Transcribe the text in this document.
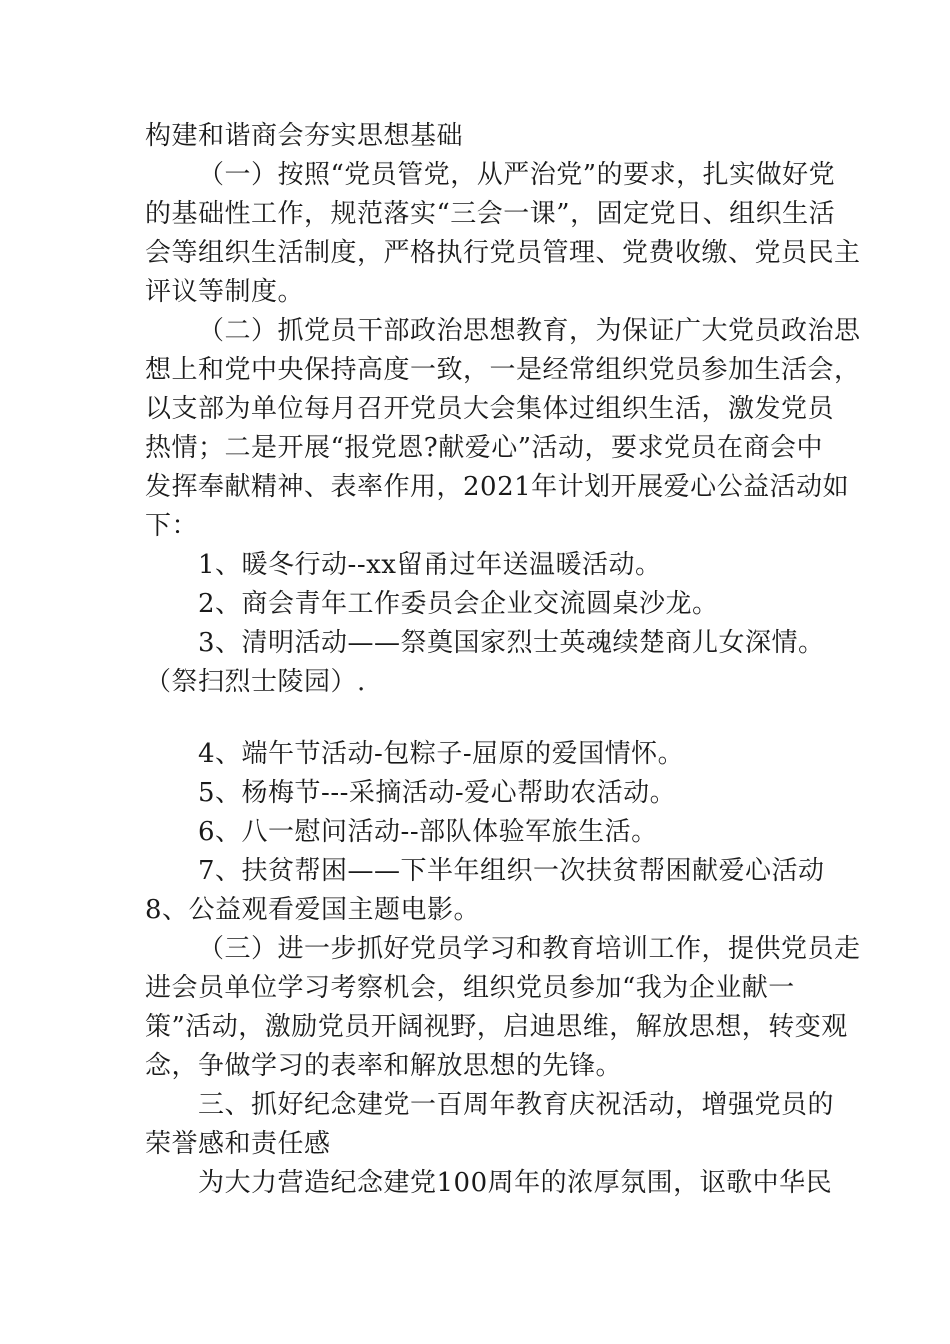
构建和谐商会夯实思想基础
（一）按照“党员管党，从严治党”的要求，扎实做好党
的基础性工作，规范落实“三会一课”，固定党日、组织生活
会等组织生活制度，严格执行党员管理、党费收缴、党员民主
评议等制度。
（二）抓党员干部政治思想教育，为保证广大党员政治思
想上和党中央保持高度一致，一是经常组织党员参加生活会，
以支部为单位每月召开党员大会集体过组织生活，激发党员
热情；二是开展“报党恩?献爱心”活动，要求党员在商会中
发挥奉献精神、表率作用，2021年计划开展爱心公益活动如
下：
1、暖冬行动--xx留甬过年送温暖活动。
2、商会青年工作委员会企业交流圆桌沙龙。
3、清明活动——祭奠国家烈士英魂续楚商儿女深情。
（祭扫烈士陵园）.
4、端午节活动-包粽子-屈原的爱国情怀。
5、杨梅节---采摘活动-爱心帮助农活动。
6、八一慰问活动--部队体验军旅生活。
7、扶贫帮困——下半年组织一次扶贫帮困献爱心活动
8、公益观看爱国主题电影。
（三）进一步抓好党员学习和教育培训工作，提供党员走
进会员单位学习考察机会，组织党员参加“我为企业献一
策”活动，激励党员开阔视野，启迪思维，解放思想，转变观
念，争做学习的表率和解放思想的先锋。
三、抓好纪念建党一百周年教育庆祝活动，增强党员的
荣誉感和责任感
为大力营造纪念建党100周年的浓厚氛围，讴歌中华民
